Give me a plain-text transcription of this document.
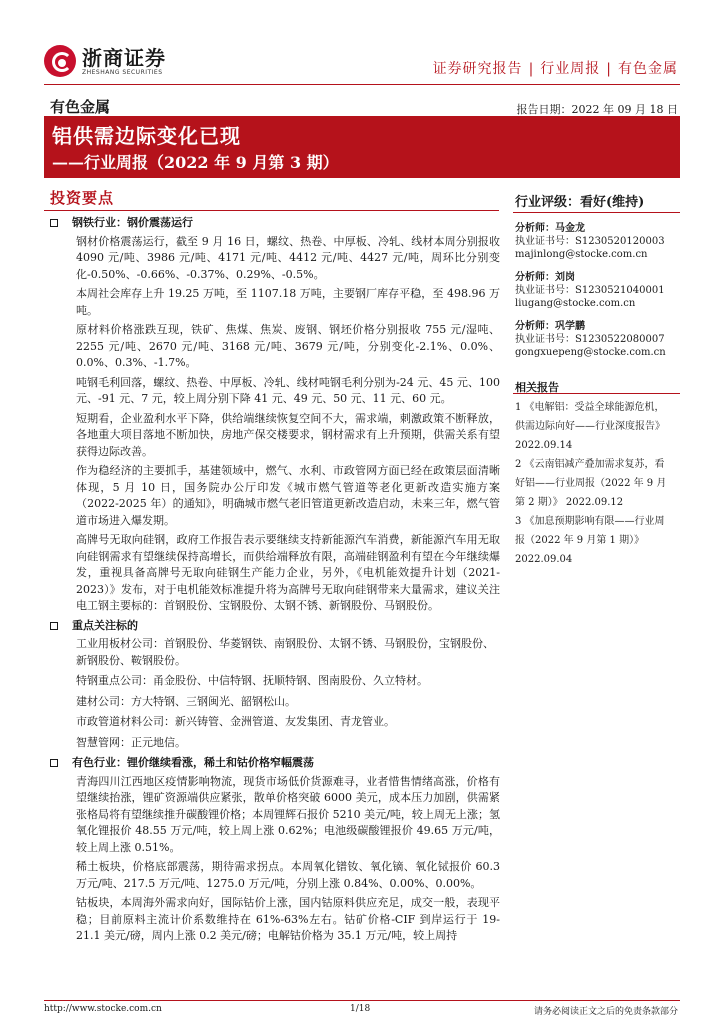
浙商证券
ZHESHANG SECURITIES	证券研究报告 | 行业周报 | 有色金属
有色金属	报告日期：2022 年 09 月 18 日
铝供需边际变化已现
——行业周报（2022 年 9 月第 3 期）
投资要点
钢铁行业：钢价震荡运行

钢材价格震荡运行，截至 9 月 16 日，螺纹、热卷、中厚板、冷轧、线材本周分别报收 4090 元/吨、3986 元/吨、4171 元/吨、4412 元/吨、4427 元/吨，周环比分别变化-0.50%、-0.66%、-0.37%、0.29%、-0.5%。

本周社会库存上升 19.25 万吨，至 1107.18 万吨，主要钢厂库存平稳，至 498.96 万吨。

原材料价格涨跌互现，铁矿、焦煤、焦炭、废钢、钢坯价格分别报收 755 元/湿吨、2255 元/吨、2670 元/吨、3168 元/吨、3679 元/吨，分别变化-2.1%、0.0%、0.0%、0.3%、-1.7%。

吨钢毛利回落，螺纹、热卷、中厚板、冷轧、线材吨钢毛利分别为-24 元、45 元、100 元、-91 元、7 元，较上周分别下降 41 元、49 元、50 元、11 元、60 元。

短期看，企业盈利水平下降，供给端继续恢复空间不大，需求端，刺激政策不断释放，各地重大项目落地不断加快，房地产保交楼要求，钢材需求有上升预期，供需关系有望获得边际改善。

作为稳经济的主要抓手，基建领域中，燃气、水利、市政管网方面已经在政策层面清晰体现，5 月 10 日，国务院办公厅印发《城市燃气管道等老化更新改造实施方案（2022-2025 年）的通知》，明确城市燃气老旧管道更新改造启动，未来三年，燃气管道市场进入爆发期。

高牌号无取向硅钢，政府工作报告表示要继续支持新能源汽车消费，新能源汽车用无取向硅钢需求有望继续保持高增长，而供给端释放有限，高端硅钢盈利有望在今年继续爆发，重视具备高牌号无取向硅钢生产能力企业，另外，《电机能效提升计划（2021-2023）》发布，对于电机能效标准提升将为高牌号无取向硅钢带来大量需求，建议关注电工钢主要标的：首钢股份、宝钢股份、太钢不锈、新钢股份、马钢股份。

重点关注标的

工业用板材公司：首钢股份、华菱钢铁、南钢股份、太钢不锈、马钢股份，宝钢股份、新钢股份、鞍钢股份。

特钢重点公司：甬金股份、中信特钢、抚顺特钢、图南股份、久立特材。

建材公司：方大特钢、三钢闽光、韶钢松山。

市政管道材料公司：新兴铸管、金洲管道、友发集团、青龙管业。

智慧管网：正元地信。

有色行业：锂价继续看涨，稀土和钴价格窄幅震荡

青海四川江西地区疫情影响物流，现货市场低价货源难寻，业者惜售情绪高涨，价格有望继续抬涨，锂矿资源端供应紧张，散单价格突破 6000 美元，成本压力加剧，供需紧张格局将有望继续推升碳酸锂价格；本周锂辉石报价 5210 美元/吨，较上周无上涨；氢氧化锂报价 48.55 万元/吨，较上周上涨 0.62%；电池级碳酸锂报价 49.65 万元/吨，较上周上涨 0.51%。

稀土板块，价格底部震荡，期待需求拐点。本周氧化镨钕、氧化镝、氧化铽报价 60.3 万元/吨、217.5 万元/吨、1275.0 万元/吨，分别上涨 0.84%、0.00%、0.00%。

钴板块，本周海外需求向好，国际钴价上涨，国内钴原料供应充足，成交一般，表现平稳；目前原料主流计价系数维持在 61%-63%左右。钴矿价格-CIF 到岸运行于 19-21.1 美元/磅，周内上涨 0.2 美元/磅；电解钴价格为 35.1 万元/吨，较上周持

行业评级：看好(维持)
分析师：马金龙
执业证书号：S1230520120003
majinlong@stocke.com.cn
分析师：刘岗
执业证书号：S1230521040001
liugang@stocke.com.cn
分析师：巩学鹏
执业证书号：S1230522080007
gongxuepeng@stocke.com.cn
相关报告
1 《电解铝：受益全球能源危机，供需边际向好——行业深度报告》 2022.09.14
2 《云南铝减产叠加需求复苏，看好铝——行业周报（2022 年 9 月第 2 期）》 2022.09.12
3 《加息预期影响有限——行业周报（2022 年 9 月第 1 期）》 2022.09.04
http://www.stocke.com.cn	1/18	请务必阅读正文之后的免责条款部分
